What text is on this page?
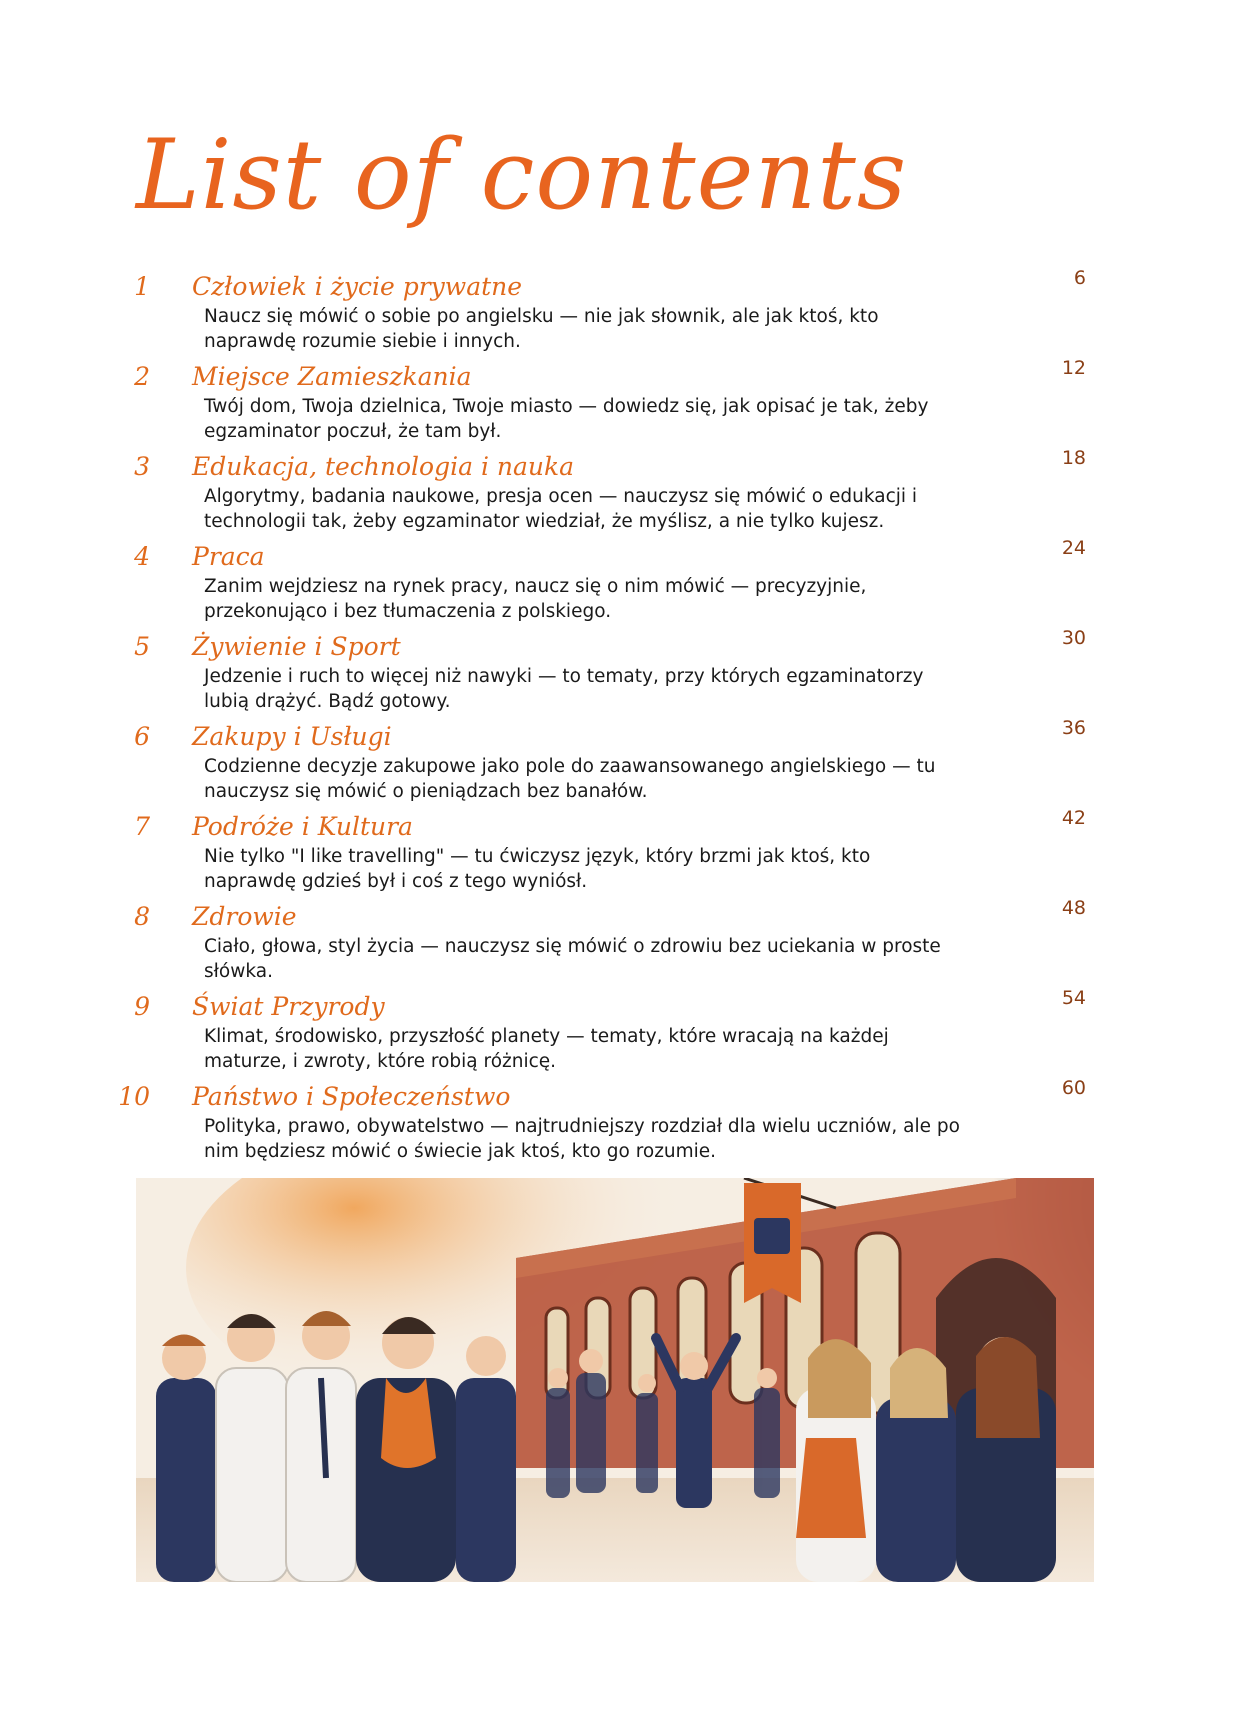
List of contents
1 Człowiek i życie prywatne	6

Naucz się mówić o sobie po angielsku — nie jak słownik, ale jak ktoś, kto naprawdę rozumie siebie i innych.

2 Miejsce Zamieszkania	12

Twój dom, Twoja dzielnica, Twoje miasto — dowiedz się, jak opisać je tak, żeby egzaminator poczuł, że tam był.

3 Edukacja, technologia i nauka	18

Algorytmy, badania naukowe, presja ocen — nauczysz się mówić o edukacji i technologii tak, żeby egzaminator wiedział, że myślisz, a nie tylko kujesz.

4 Praca	24

Zanim wejdziesz na rynek pracy, naucz się o nim mówić — precyzyjnie, przekonująco i bez tłumaczenia z polskiego.

5 Żywienie i Sport	30

Jedzenie i ruch to więcej niż nawyki — to tematy, przy których egzaminatorzy lubią drążyć. Bądź gotowy.

6 Zakupy i Usługi	36

Codzienne decyzje zakupowe jako pole do zaawansowanego angielskiego — tu nauczysz się mówić o pieniądzach bez banałów.

7 Podróże i Kultura	42

Nie tylko "I like travelling" — tu ćwiczysz język, który brzmi jak ktoś, kto naprawdę gdzieś był i coś z tego wyniósł.

8 Zdrowie	48

Ciało, głowa, styl życia — nauczysz się mówić o zdrowiu bez uciekania w proste słówka.

9 Świat Przyrody	54

Klimat, środowisko, przyszłość planety — tematy, które wracają na każdej maturze, i zwroty, które robią różnicę.

10 Państwo i Społeczeństwo	60

Polityka, prawo, obywatelstwo — najtrudniejszy rozdział dla wielu uczniów, ale po nim będziesz mówić o świecie jak ktoś, kto go rozumie.
